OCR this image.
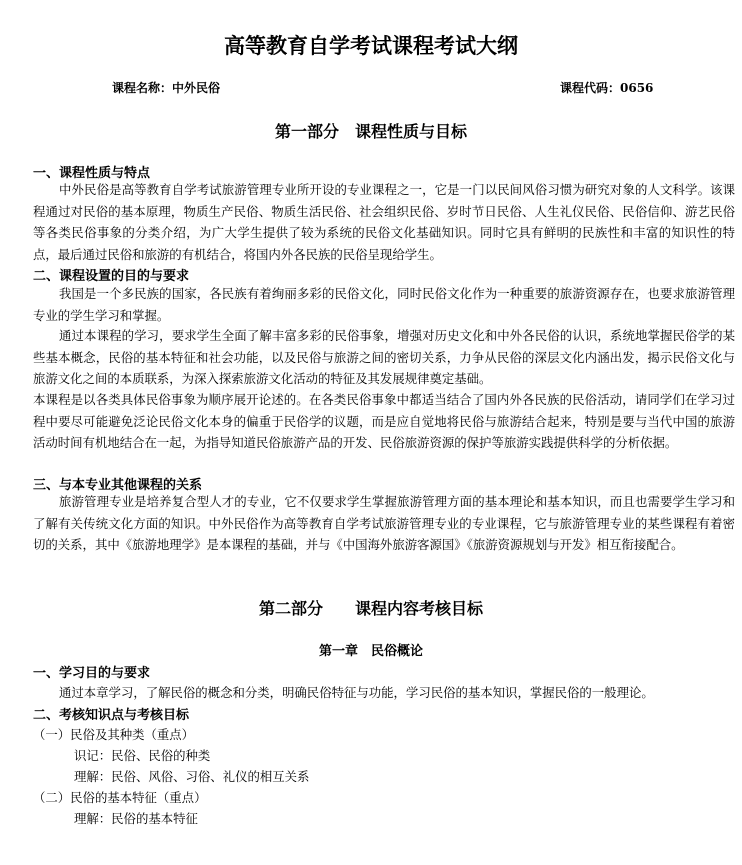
高等教育自学考试课程考试大纲
课程名称：中外民俗	课程代码：0656
第一部分　课程性质与目标
一、课程性质与特点
中外民俗是高等教育自学考试旅游管理专业所开设的专业课程之一，它是一门以民间风俗习惯为研究对象的人文科学。该课程通过对民俗的基本原理，物质生产民俗、物质生活民俗、社会组织民俗、岁时节日民俗、人生礼仪民俗、民俗信仰、游艺民俗等各类民俗事象的分类介绍，为广大学生提供了较为系统的民俗文化基础知识。同时它具有鲜明的民族性和丰富的知识性的特点，最后通过民俗和旅游的有机结合，将国内外各民族的民俗呈现给学生。
二、课程设置的目的与要求
我国是一个多民族的国家，各民族有着绚丽多彩的民俗文化，同时民俗文化作为一种重要的旅游资源存在，也要求旅游管理专业的学生学习和掌握。
通过本课程的学习，要求学生全面了解丰富多彩的民俗事象，增强对历史文化和中外各民俗的认识，系统地掌握民俗学的某些基本概念，民俗的基本特征和社会功能，以及民俗与旅游之间的密切关系，力争从民俗的深层文化内涵出发，揭示民俗文化与旅游文化之间的本质联系，为深入探索旅游文化活动的特征及其发展规律奠定基础。
本课程是以各类具体民俗事象为顺序展开论述的。在各类民俗事象中都适当结合了国内外各民族的民俗活动，请同学们在学习过程中要尽可能避免泛论民俗文化本身的偏重于民俗学的议题，而是应自觉地将民俗与旅游结合起来，特别是要与当代中国的旅游活动时间有机地结合在一起，为指导知道民俗旅游产品的开发、民俗旅游资源的保护等旅游实践提供科学的分析依据。
三、与本专业其他课程的关系
旅游管理专业是培养复合型人才的专业，它不仅要求学生掌握旅游管理方面的基本理论和基本知识，而且也需要学生学习和了解有关传统文化方面的知识。中外民俗作为高等教育自学考试旅游管理专业的专业课程，它与旅游管理专业的某些课程有着密切的关系，其中《旅游地理学》是本课程的基础，并与《中国海外旅游客源国》《旅游资源规划与开发》相互衔接配合。
第二部分　　课程内容考核目标
第一章　民俗概论
一、学习目的与要求
通过本章学习，了解民俗的概念和分类，明确民俗特征与功能，学习民俗的基本知识，掌握民俗的一般理论。
二、考核知识点与考核目标
（一）民俗及其种类（重点）
识记：民俗、民俗的种类
理解：民俗、风俗、习俗、礼仪的相互关系
（二）民俗的基本特征（重点）
理解：民俗的基本特征
